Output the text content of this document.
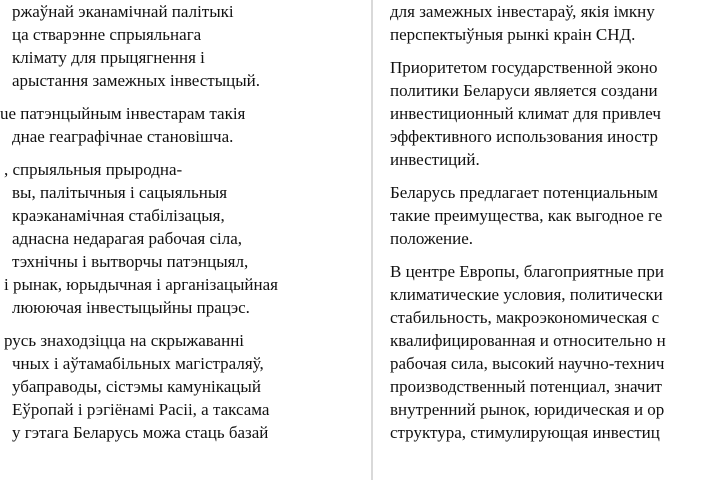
ржаўнай эканамічнай палітыкі
ца стварэнне спрыяльнага
клімату для прыцягнення і
арыстання замежных інвестыцый.
ue патэнцыйным інвестарам такія
днае геаграфічнае становішча.
, спрыяльныя прыродна-
вы, палітычныя і сацыяльныя
краэканамічная стабілізацыя,
аднасна недарагая рабочая сіла,
тэхнічны і вытворчы патэнцыял,
і рынак, юрыдычная і арганізацыйная
лююючая інвестыцыйны працэс.
русь знаходзіцца на скрыжаванні
чных і аўтамабільных магістраляў,
убаправоды, сістэмы камунікацый
Еўропай і рэгіёнамі Расіі, а таксама
у гэтага Беларусь можа стаць базай
для замежных інвестараў, якія імкну
перспектыўныя рынкі краін СНД.
Приоритетом государственной эконо
политики Беларуси является создани
инвестиционный климат для привлеч
эффективного использования иностр
инвестиций.
Беларусь предлагает потенциальным
такие преимущества, как выгодное ге
положение.
В центре Европы, благоприятные при
климатические условия, политически
стабильность, макроэкономическая с
квалифицированная и относительно н
рабочая сила, высокий научно-технич
производственный потенциал, значит
внутренний рынок, юридическая и ор
структура, стимулирующая инвестиц
